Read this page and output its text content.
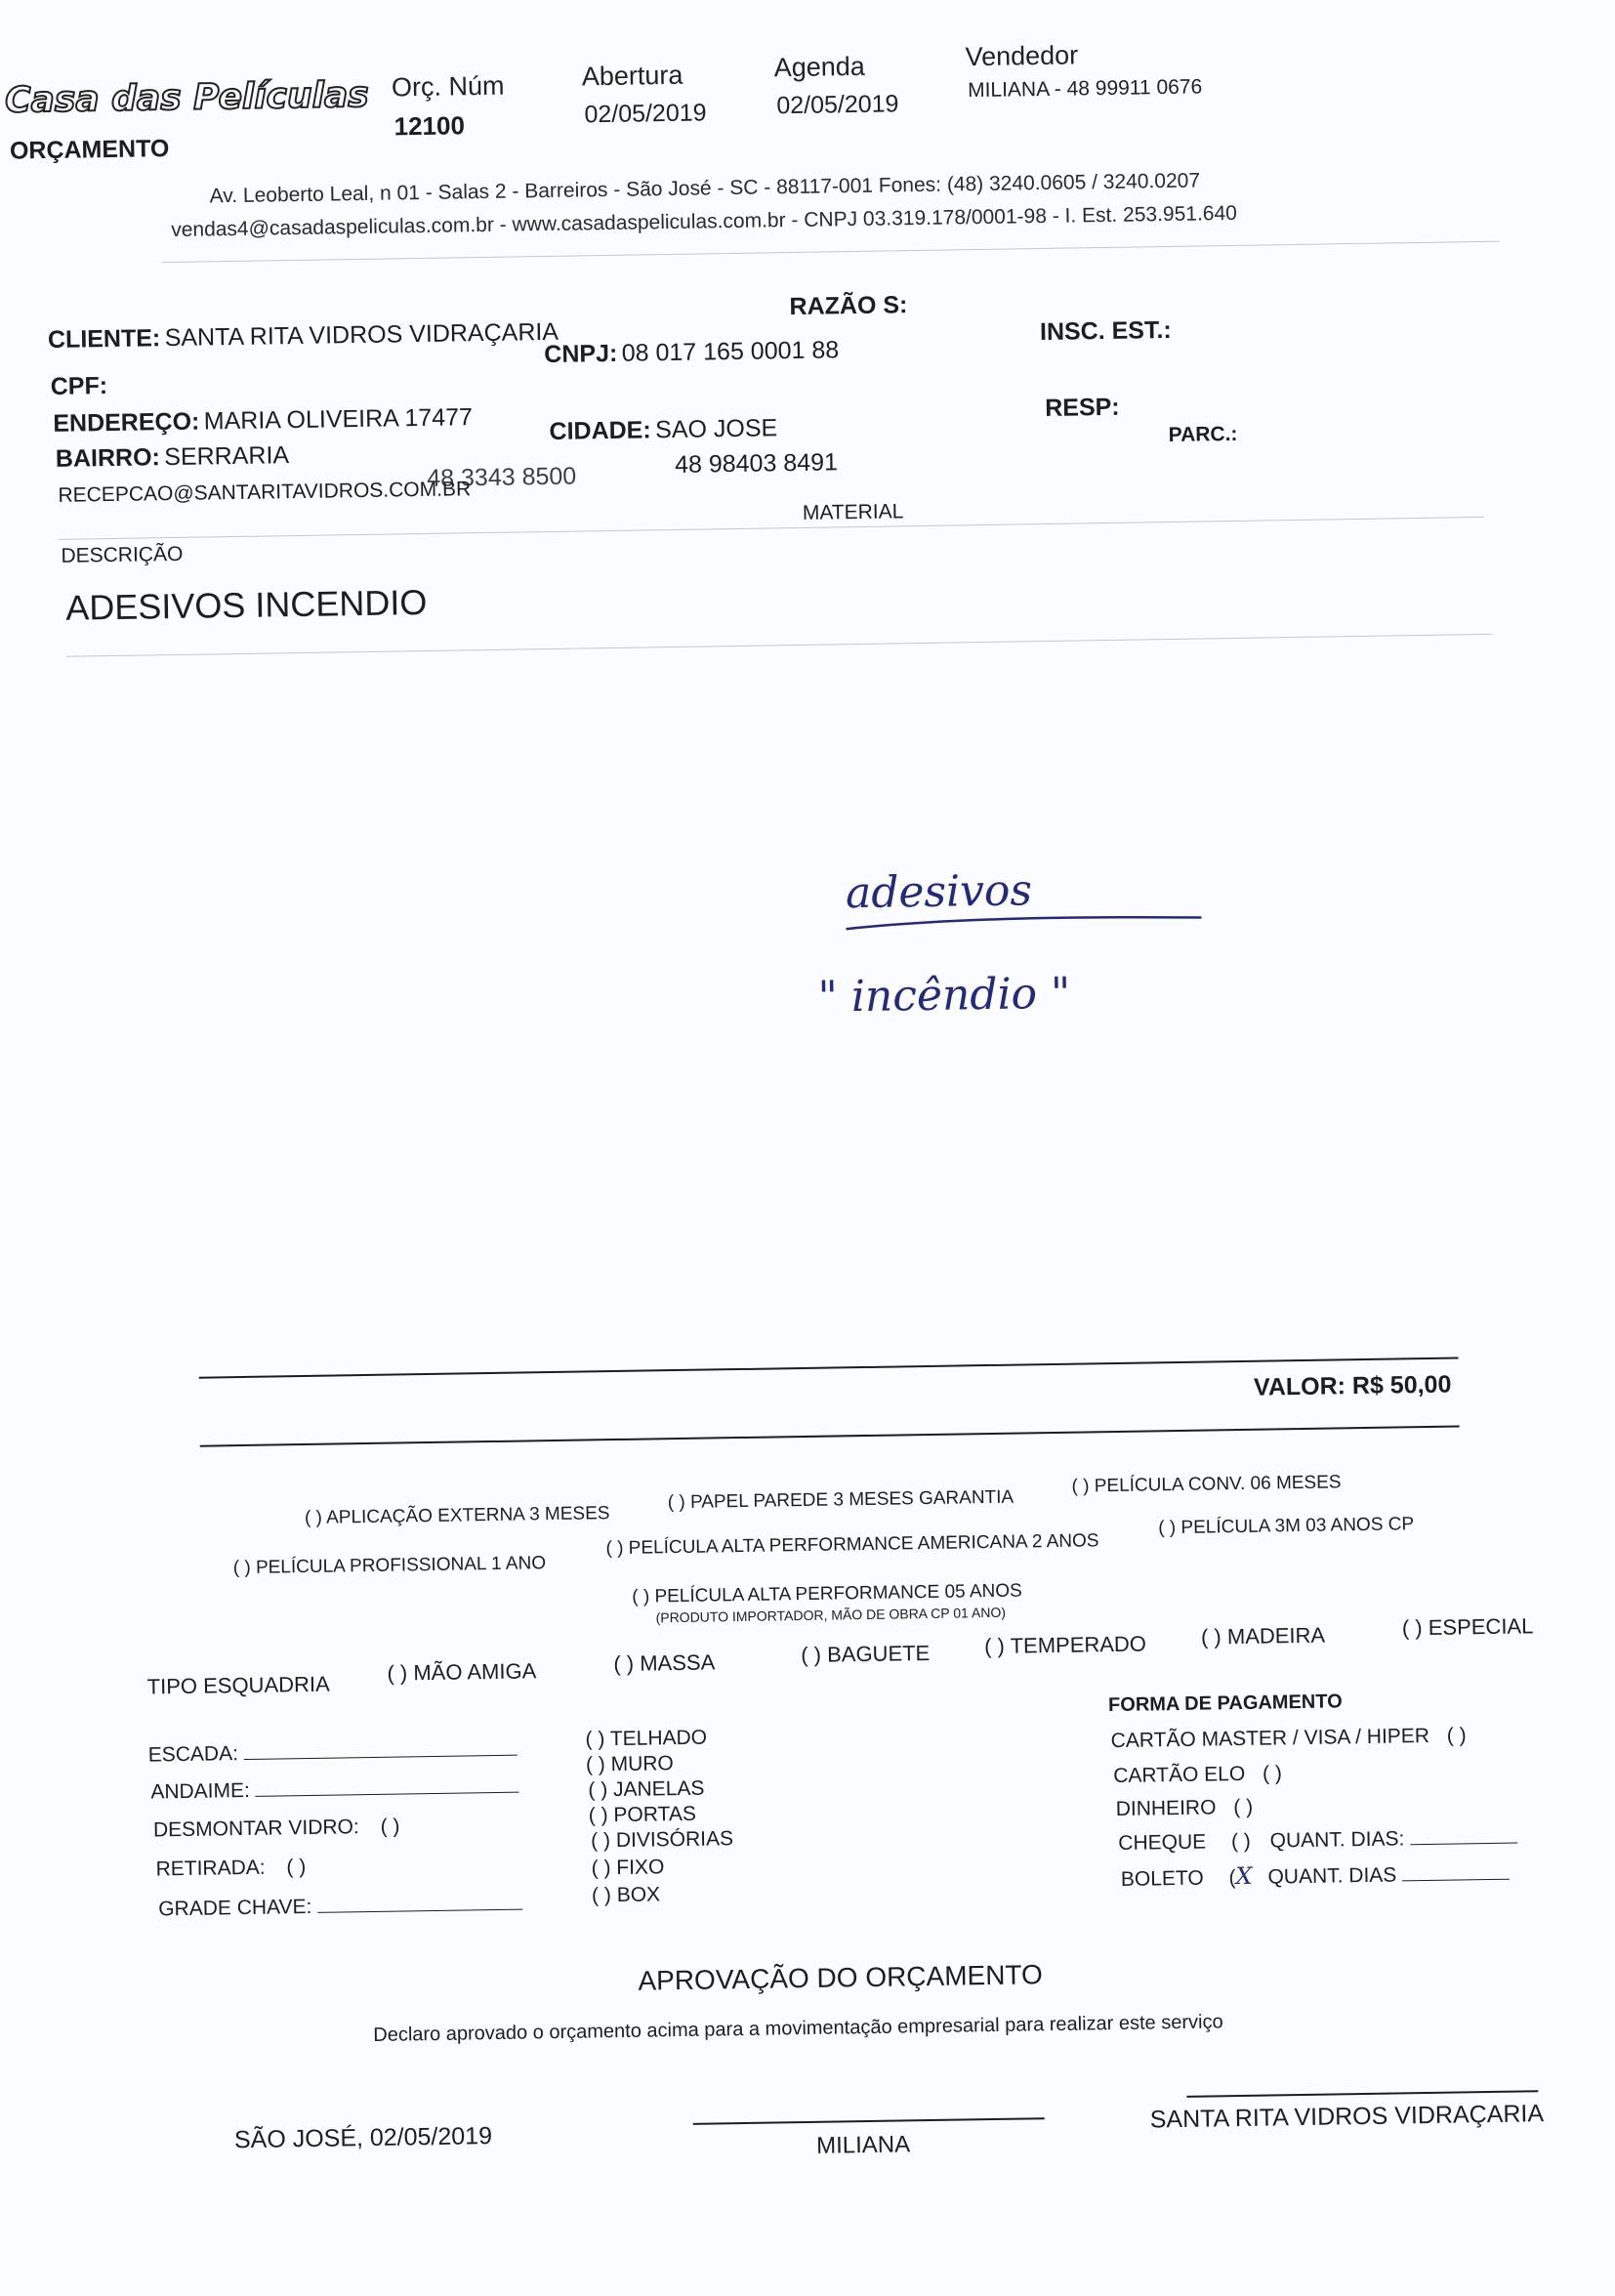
Casa das Películas
ORÇAMENTO
Orç. Núm
12100
Abertura
02/05/2019
Agenda
02/05/2019
Vendedor
MILIANA - 48 99911 0676
Av. Leoberto Leal, n 01 - Salas 2 - Barreiros - São José - SC - 88117-001 Fones: (48) 3240.0605 / 3240.0207
vendas4@casadaspeliculas.com.br - www.casadaspeliculas.com.br - CNPJ 03.319.178/0001-98 - I. Est. 253.951.640
CLIENTE: SANTA RITA VIDROS VIDRAÇARIA
RAZÃO S:
INSC. EST.:
CPF:
CNPJ: 08 017 165 0001 88
ENDEREÇO: MARIA OLIVEIRA 17477	RESP:
BAIRRO: SERRARIA
CIDADE: SAO JOSE	PARC.:
RECEPCAO@SANTARITAVIDROS.COM.BR
48 3343 8500	48 98403 8491
MATERIAL
DESCRIÇÃO
ADESIVOS INCENDIO
adesivos
" incêndio "
VALOR: R$ 50,00
( ) APLICAÇÃO EXTERNA 3 MESES
( ) PAPEL PAREDE 3 MESES GARANTIA
( ) PELÍCULA CONV. 06 MESES
( ) PELÍCULA PROFISSIONAL 1 ANO
( ) PELÍCULA ALTA PERFORMANCE AMERICANA 2 ANOS
( ) PELÍCULA 3M 03 ANOS CP
( ) PELÍCULA ALTA PERFORMANCE 05 ANOS
(PRODUTO IMPORTADOR, MÃO DE OBRA CP 01 ANO)
TIPO ESQUADRIA	( ) MÃO AMIGA	( ) MASSA	( ) BAGUETE	( ) TEMPERADO	( ) MADEIRA	( ) ESPECIAL
ESCADA:
ANDAIME:
DESMONTAR VIDRO: ( )
RETIRADA: ( )
GRADE CHAVE:
( ) TELHADO
( ) MURO
( ) JANELAS
( ) PORTAS
( ) DIVISÓRIAS
( ) FIXO
( ) BOX
FORMA DE PAGAMENTO
CARTÃO MASTER / VISA / HIPER ( )
CARTÃO ELO ( )
DINHEIRO ( )
CHEQUE ( ) QUANT. DIAS:
BOLETO (X QUANT. DIAS
APROVAÇÃO DO ORÇAMENTO
Declaro aprovado o orçamento acima para a movimentação empresarial para realizar este serviço
SÃO JOSÉ, 02/05/2019	MILIANA
SANTA RITA VIDROS VIDRAÇARIA
